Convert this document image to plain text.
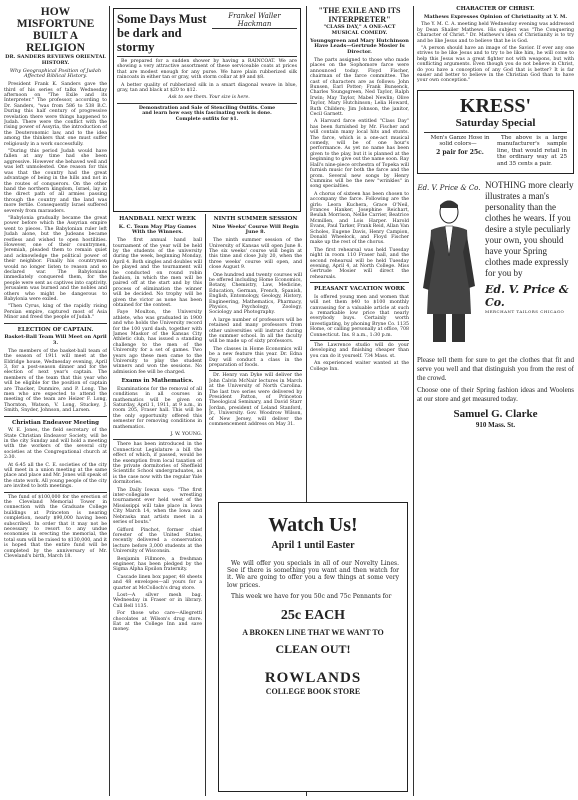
HOW MISFORTUNE BUILT A RELIGION
DR. SANDERS REVIEWS ORIENTAL HISTORY.
Why Geographical Position of Judah Affected Biblical History.

President Frank K. Sanders gave the third of his series of talks Wednesday afternoon on "The Exile and its Interpreter." The professor, according to Dr. Sanders, "was from 586 to 538 B.C. During this half century of progressive revelation there were things happened to Judah. There were the conflict with the rising power of Assyria, the introduction of the Deuteronomic law, and to the idea among the thinkers that one must suffer religiously in a work successfully.

"During this period Judah would have fallen at any time had she been aggressive. However she behaved well and was left unmolested. One reason for this was that the country had the great advantage of being in the hills and not in the routes of conquerors. On the other hand the northern kingdom, Israel, lay in the direct path of all armies passing through the country and the land was more fertile. Consequently Israel suffered severely from marauders.

"Babylonia gradually became the great power before which the Assyrian empire went to pieces. The Babylonian ruler left Judah alone, but the Judeans became restless and wished to open hostilities. However, one of their countrymen, Jeremiah, pleaded them to remain quiet and acknowledge the political power of their neighbor. Finally his countrymen would no longer listen to reason and so declared war. The Babylonians immediately conquered them, for the people were sent as captives into captivity. Jerusalem was burned and the nobles and others who might be dangerous to Babylonia were exiled.

"Then Cyrus, king of the rapidly rising Persian empire, captured most of Asia Minor and freed the people of Judah."

ELECTION OF CAPTAIN.
Basket-Ball Team Will Meet on April 3.

The members of the basket-ball team of the season of 1911 will meet at the Eldridge house, Wednesday evening, April 3, for a post-season dinner and for the election of next year's captain. The members of the team that this year who will be eligible for the position of captain are Thacker, Dunmire, and P. Long. The men who are expected to attend the meeting of the team are Heizer F. Long, Thornton, Watson, V. Long, Stuckey, J. Smith, Snyder, Johnson, and Larsen.

Christian Endeavor Meeting

W. E. Jones, the field secretary of the State Christian Endeavor Society, will be in the city Sunday and will hold a meeting with the workers of the several city societies at the Congregational church at 2:30.

At 6:45 all the C. E. societies of the city will meet in a union meeting at the same place and place and Mr. Jones will speak of the state work. All young people of the city are invited to both meetings.

The fund of $100,000 for the erection of the Cleveland Memorial Tower in connection with the Graduate College buildings at Princeton is nearing completion, nearly $90,000 having been subscribed. In order that it may not be necessary to resort to any undue economies in erecting the memorial, the total sum will be raised to $130,000, and it is hoped that the entire fund will be completed by the anniversary of Mr. Cleveland's birth, March 18.

Some Days Must be dark and stormy
Frankel Waller Hackman

Be prepared for a sudden shower by having a RAINCOAT. We are showing a very attractive assortment of these serviceable coats at prices that are modest enough for any purse. We have plain rubberized silk raincoats in either tan or gray, with storm collar at $9 and $8.

A better quality of rubberized silk in a smart diagonal weave in blue, gray, tan and black at $20 to $12.

Ask to see them. Your size is here.

Demonstration and Sale of Stenciling Outfits. Come and learn how easy this fascinating work is done. Complete outfits for $1.

HANDBALL NEXT WEEK
K. C. Team May Play Games With the Winners.

The first annual hand ball tournament of the year will be held by the students of the university during the week, beginning Monday, April 4. Both singles and doubles will be played and the tournament will be conducted on round robin fashion, in which the men will be paired off at the start and by this process of elimination the winner will be decided. No trophy will be given the victor as none has been obtained for the contest.

Faye Moulton, the University athlete, who was graduated in 1900 and who holds the University record for the 100 yard dash, together with James Maskor of the Kansas City Athletic club, has issued a standing challenge to the men of the University for a set of games. Two years ago these men came to the University to play the student winners and won the sessions. No admission fee will be charged.

Exams in Mathematics.

Examinations for the removal of all conditions in all courses in mathematics will be given on Saturday, April 1, 1911, at 9 a.m., in room 205, Fraser hall. This will be the only opportunity offered this semester for removing conditions in mathematics.

J. W. YOUNG.

There has been introduced in the Connecticut Legislature a bill the effect of which, if passed, would be the exemption from local taxation of the private dormitories of Sheffield Scientific School undergraduates, as is the case now with the regular Yale dormitories.

The Daily Iowan says: "The first inter-collegiate wrestling tournament ever held west of the Mississippi will take place in Iowa City March 14, when the Iowa and Nebraska mat artists meet in a series of bouts."

Gifford Pinchot, former chief forester of the United States, recently delivered a conservation lecture before 3,000 students at the University of Wisconsin.

Benjamin Fillmore, a freshman engineer, has been pledged by the Sigma Alpha Epsilon fraternity.

Cascade linen box paper, 48 sheets and 48 envelopes—all yours for a quarter at McColloch's drug store.

Lost—A silver mesh bag. Wednesday in Fraser or in library. Call Bell 1135.

For those who care—Allegretti chocolates at Wilson's drug store. Eat at the College Inn and save money.

NINTH SUMMER SESSION
Nine Weeks' Course Will Begin June 8.

The ninth summer session of the University of Kansas will open June 8. The six weeks' course will begin at this time and close July 20, when the three weeks' course will open, and close August 9.

One hundred and twenty courses will be offered including Home Economics, Botany, Chemistry, Law, Medicine, Education, German, French, Spanish, English, Entomology, Geology, History, Engineering, Mathematics, Pharmacy, Physics, Psychology, Zoology, Sociology and Photography.

A large number of professors will be retained and many professors from other universities will instruct during the summer school. In all the faculty will be made up of sixty professors.

The classes in Home Economics will be a new feature this year. Dr. Edna Day will conduct a class in the preparation of foods.

Dr. Henry van Dyke will deliver the John Calvin McNair lectures in March at the University of North Carolina. The last two series were delivered by President Patton, of Princeton Theological Seminary, and David Starr Jordan, president of Leland Stanford, Jr., University. Gov. Woodrow Wilson, of New Jersey, will deliver the commencement address on May 31.

"THE EXILE AND ITS INTERPRETER"
"CLASS DAY," A ONE-ACT MUSICAL COMEDY.
Youngsgreen and Mary Hutchinson Have Leads—Gertrude Mosier Is Director.

The parts assigned to those who made places on the Sophomore farce were announced today. Floyd Fischer, chairman of the farce committee. The cast of characters are as follows: John Bunsen, Earl Potter; Frank Bunsenck, Charles Youngsgreen, Ned Taylor, Ralph Irwin; May Taylor, Mabel Newlin; Olive Taylor, Mary Hutchinson; Lelia Howard, Ruth Childers; Jim Johnson, the janitor, Cecil Garnett.

A Harvard farce entitled "Class Day" has been furnished by Mr. Fischer and will contain many local hits and stunts. The farce, which is a one-act musical comedy, will be of one hour's performance. As yet no name has been given to the play, but it is planned at the beginning to give out the name soon. Ray Hall's nine-piece orchestra of Topeka will furnish music for both the farce and the prom. Several new songs by Henry Cummins will be the new "wrinkles" in song specialties.

A chorus of sixteen has been chosen to accompany the farce. Following are the girls: Leora Kuchera, Grace O'Neil, Frances Hanker, Josephine Reichart, Beulah Morrison, Nellie Carrier, Beatrice Mcmillen, and Lois Harper. Harold Evans, Paul Tarker, Frank Reid, Allan Van Scholes, Eugene Davis, Henry Campion, Donald Wheelock, and Floyd Fischer make up the rest of the chorus.

The first rehearsal was held Tuesday night in room 110 Fraser hall, and the second rehearsal will be held Tuesday evening, April 4, at North College. Miss Gertrude Mosier will direct the rehearsals.

PLEASANT VACATION WORK

Is offered young men and women that will net them $40 to $100 monthly canvassing for a valuable article at such a remarkable low price that nearly everybody buys. Certainly worth investigating, by phoning Bryne Co. 1135 Home, or calling personally at office, 708 Connecticut. Ins. 8 a.m., 1:30 p.m.

The Lawrence studio will do your developing and finishing cheaper than you can do it yourself. 734 Mass. st.

An experienced waiter wanted at the College Inn.

Watch Us!
April 1 until Easter

We will offer you specials in all of our Novelty Lines. See if there is something you want and then watch for it. We are going to offer you a few things at some very low prices.

This week we have for you 50c and 75c Pennants for

25c EACH
A BROKEN LINE THAT WE WANT TO
CLEAN OUT!
ROWLANDS
COLLEGE BOOK STORE
CHARACTER OF CHRIST.
Mathews Expresses Opinion of Christianity at Y. M.

The Y. M. C. A. meeting held Wednesday evening was addressed by Dean Shailer Mathews. His subject was "The Conquering Character of Christ." Dr. Mathews's idea of Christianity is to try and be like Jesus and to believe that he is God.

"A person should have an image of the Savior. If ever any one strives to be like Jesus and to try to be like him, he will come to help this Jesus was a great fighter not with weapons, but with conflicting arguments. Even though you do not believe in Christ, do you have a conception of any God that is better? It is far easier and better to believe in the Christian God than to have your own conception."

KRESS'
Saturday Special

Men's Ganze Hose in solid colors—

2 pair for 25c.

The above is a large manufacturer's sample line, that would retail in the ordinary way at 25 and 35 cents a pair.

Ed. V. Price & Co. NOTHING more clearly illustrates a man's personality than the clothes he wears. If you desire a style peculiarly your own, you should have your Spring clothes made expressly for you by

Ed. V. Price & Co.
MERCHANT TAILORS CHICAGO

Please tell them for sure to get the clothes that fit and serve you well and that distinguish you from the rest of the crowd.

Choose one of their Spring fashion ideas and Woolens at our store and get measured today.

Samuel G. Clarke
910 Mass. St.
